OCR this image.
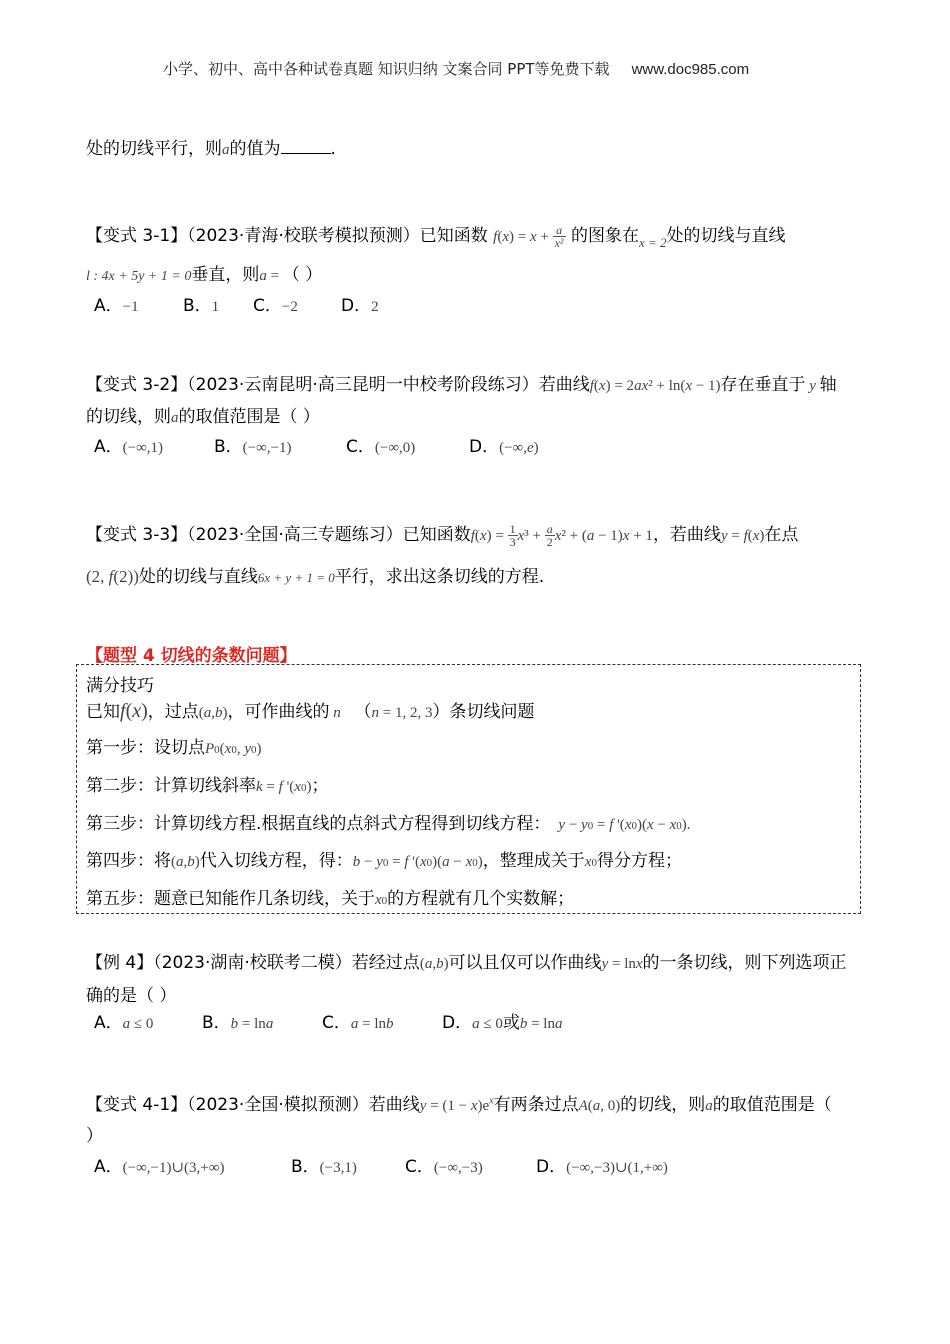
小学、初中、高中各种试卷真题 知识归纳 文案合同 PPT等免费下载 www.doc985.com
处的切线平行，则a的值为	.
【变式 3-1】（2023·青海·校联考模拟预测）已知函数 $f(x) = x + \frac{a}{\text{x²}}$ 的图象在$_{x = 2}$处的切线与直线
l : 4x + 5y + 1 = 0垂直，则a = （ ）
A．−1	B．1 C．−2	D．2
【变式 3-2】（2023·云南昆明·高三昆明一中校考阶段练习）若曲线f(x) = 2ax² + ln(x − 1)存在垂直于 y 轴
的切线，则a的取值范围是（ ）
A．(−∞,1)	B．(−∞,−1)	C．(−∞,0)	D．(−∞,e)
【变式 3-3】（2023·全国·高三专题练习）已知函数$f(x) = \frac{1}{3} x^3 + \frac{a}{2} x^2 + (a - 1)x + 1$，若曲线y = f(x)在点
(2, f(2))处的切线与直线6x + y + 1 = 0平行，求出这条切线的方程.
【题型 4 切线的条数问题】
满分技巧
已知f(x)，过点(a,b)，可作曲线的 n （n = 1, 2, 3）条切线问题
第一步：设切点P0(x0, y0)
第二步：计算切线斜率k = f '(x0)；
第三步：计算切线方程.根据直线的点斜式方程得到切线方程： y − y0 = f '(x0)(x − x0).
第四步：将(a,b)代入切线方程，得：b − y0 = f '(x0)(a − x0)，整理成关于x0得分方程；
第五步：题意已知能作几条切线，关于x0的方程就有几个实数解；
【例 4】（2023·湖南·校联考二模）若经过点(a,b)可以且仅可以作曲线y = lnx的一条切线，则下列选项正
确的是（ ）
A．a ≤ 0	B．b = lna	C．a = lnb	D．a ≤ 0或b = lna
【变式 4-1】（2023·全国·模拟预测）若曲线$y = (1 - x)e^x$有两条过点A(a, 0)的切线，则a的取值范围是（
）
A．(−∞,−1)∪(3,+∞)	B．(−3,1)	C．(−∞,−3)	D．(−∞,−3)∪(1,+∞)
